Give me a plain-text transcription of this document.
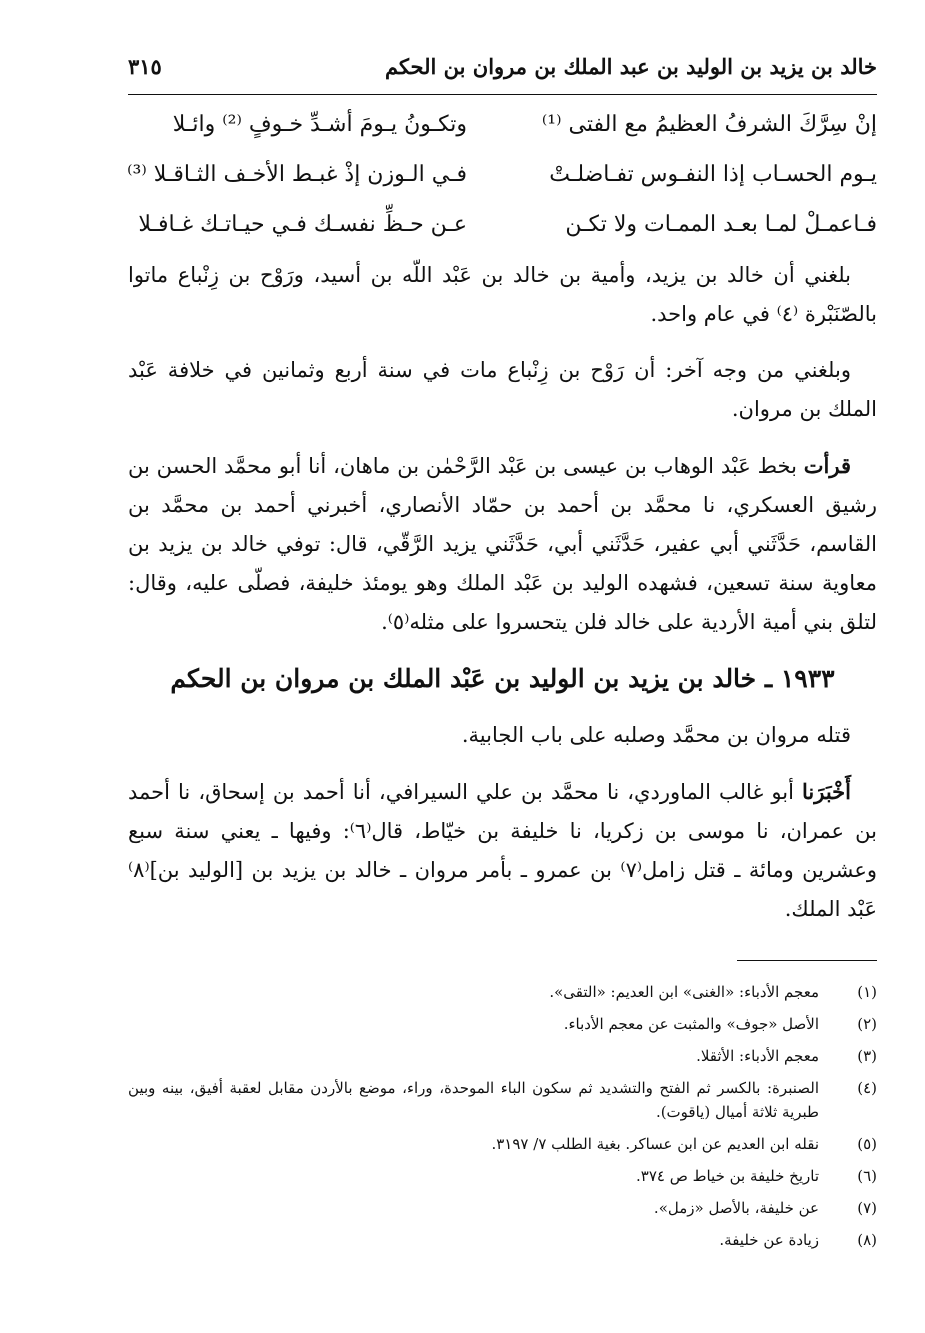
خالد بن يزيد بن الوليد بن عبد الملك بن مروان بن الحكم
٣١٥
إنْ سِرَّكَ الشرفُ العظيمُ مع الفتى ⁽¹⁾
وتكـونُ يـومَ أشـدِّ خـوفٍ ⁽²⁾ وائـلا
يـوم الحسـاب إذا النفـوس تفـاضلـتْ
فـي الـوزن إذْ غبـط الأخـف الثـاقـلا ⁽³⁾
فـاعمـلْ لمـا بعـد الممـات ولا تكـن
عـن حـظِّ نفسـك فـي حيـاتـك غـافـلا

بلغني أن خالد بن يزيد، وأمية بن خالد بن عَبْد اللّه بن أسيد، ورَوْح بن زِنْباع ماتوا بالصّنَبْرة ⁽٤⁾ في عام واحد.

وبلغني من وجه آخر: أن رَوْح بن زِنْباع مات في سنة أربع وثمانين في خلافة عَبْد الملك بن مروان.

قرأت بخط عَبْد الوهاب بن عيسى بن عَبْد الرَّحْمٰن بن ماهان، أنا أبو محمَّد الحسن بن رشيق العسكري، نا محمَّد بن أحمد بن حمّاد الأنصاري، أخبرني أحمد بن محمَّد بن القاسم، حَدَّثَني أبي عفير، حَدَّثَني أبي، حَدَّثَني يزيد الرَّقّي، قال: توفي خالد بن يزيد بن معاوية سنة تسعين، فشهده الوليد بن عَبْد الملك وهو يومئذ خليفة، فصلّى عليه، وقال: لتلق بني أمية الأردية على خالد فلن يتحسروا على مثله⁽٥⁾.

١٩٣٣ ـ خالد بن يزيد بن الوليد بن عَبْد الملك بن مروان بن الحكم

قتله مروان بن محمَّد وصلبه على باب الجابية.

أَخْبَرَنا أبو غالب الماوردي، نا محمَّد بن علي السيرافي، أنا أحمد بن إسحاق، نا أحمد بن عمران، نا موسى بن زكريا، نا خليفة بن خيّاط، قال⁽٦⁾: وفيها ـ يعني سنة سبع وعشرين ومائة ـ قتل زامل⁽٧⁾ بن عمرو ـ بأمر مروان ـ خالد بن يزيد بن [الوليد بن]⁽٨⁾ عَبْد الملك.

(١)
معجم الأدباء: «الغنى» ابن العديم: «التقى».
(٢)
الأصل «جوف» والمثبت عن معجم الأدباء.
(٣)
معجم الأدباء: الأثقلا.
(٤)
الصنبرة: بالكسر ثم الفتح والتشديد ثم سكون الباء الموحدة، وراء، موضع بالأردن مقابل لعقبة أفيق، بينه وبين طبرية ثلاثة أميال (ياقوت).
(٥)
نقله ابن العديم عن ابن عساكر. بغية الطلب ٧/ ٣١٩٧.
(٦)
تاريخ خليفة بن خياط ص ٣٧٤.
(٧)
عن خليفة، بالأصل «زمل».
(٨)
زيادة عن خليفة.
